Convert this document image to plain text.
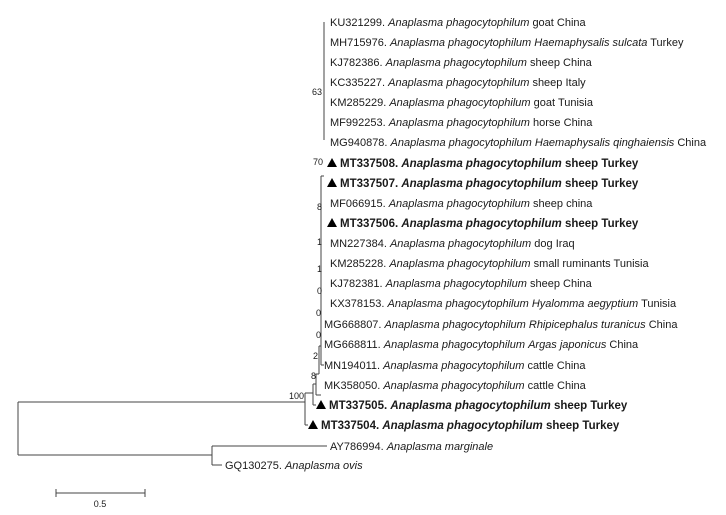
63
70
8
1
1
0
0
0
2
8
100
KU321299. Anaplasma phagocytophilum goat China
MH715976. Anaplasma phagocytophilum Haemaphysalis sulcata Turkey
KJ782386. Anaplasma phagocytophilum sheep China
KC335227. Anaplasma phagocytophilum sheep Italy
KM285229. Anaplasma phagocytophilum goat Tunisia
MF992253. Anaplasma phagocytophilum horse China
MG940878. Anaplasma phagocytophilum Haemaphysalis qinghaiensis China
MT337508. Anaplasma phagocytophilum sheep Turkey
MT337507. Anaplasma phagocytophilum sheep Turkey
MF066915. Anaplasma phagocytophilum sheep china
MT337506. Anaplasma phagocytophilum sheep Turkey
MN227384. Anaplasma phagocytophilum dog Iraq
KM285228. Anaplasma phagocytophilum small ruminants Tunisia
KJ782381. Anaplasma phagocytophilum sheep China
KX378153. Anaplasma phagocytophilum Hyalomma aegyptium Tunisia
MG668807. Anaplasma phagocytophilum Rhipicephalus turanicus China
MG668811. Anaplasma phagocytophilum Argas japonicus China
MN194011. Anaplasma phagocytophilum cattle China
MK358050. Anaplasma phagocytophilum cattle China
MT337505. Anaplasma phagocytophilum sheep Turkey
MT337504. Anaplasma phagocytophilum sheep Turkey
AY786994. Anaplasma marginale
GQ130275. Anaplasma ovis
0.5
